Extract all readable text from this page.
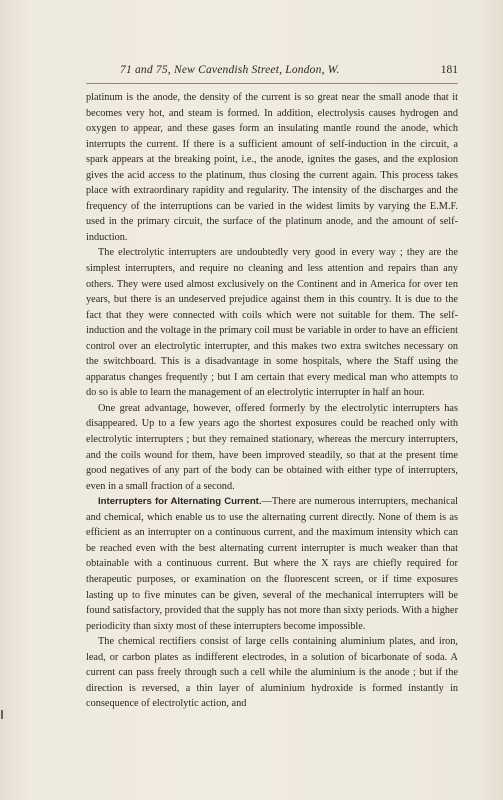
71 and 75, New Cavendish Street, London, W.	181

platinum is the anode, the density of the current is so great near the small anode that it becomes very hot, and steam is formed. In addition, electrolysis causes hydrogen and oxygen to appear, and these gases form an insulating mantle round the anode, which interrupts the current. If there is a sufficient amount of self-induction in the circuit, a spark appears at the breaking point, i.e., the anode, ignites the gases, and the explosion gives the acid access to the platinum, thus closing the current again. This process takes place with extraordinary rapidity and regularity. The intensity of the discharges and the frequency of the interruptions can be varied in the widest limits by varying the E.M.F. used in the primary circuit, the surface of the platinum anode, and the amount of self-induction.

The electrolytic interrupters are undoubtedly very good in every way ; they are the simplest interrupters, and require no cleaning and less attention and repairs than any others. They were used almost exclusively on the Continent and in America for over ten years, but there is an undeserved prejudice against them in this country. It is due to the fact that they were connected with coils which were not suitable for them. The self-induction and the voltage in the primary coil must be variable in order to have an efficient control over an electrolytic interrupter, and this makes two extra switches necessary on the switchboard. This is a disadvantage in some hospitals, where the Staff using the apparatus changes frequently ; but I am certain that every medical man who attempts to do so is able to learn the management of an electrolytic interrupter in half an hour.

One great advantage, however, offered formerly by the electrolytic interrupters has disappeared. Up to a few years ago the shortest exposures could be reached only with electrolytic interrupters ; but they remained stationary, whereas the mercury interrupters, and the coils wound for them, have been improved steadily, so that at the present time good negatives of any part of the body can be obtained with either type of interrupters, even in a small fraction of a second.

Interrupters for Alternating Current.—There are numerous interrupters, mechanical and chemical, which enable us to use the alternating current directly. None of them is as efficient as an interrupter on a continuous current, and the maximum intensity which can be reached even with the best alternating current interrupter is much weaker than that obtainable with a continuous current. But where the X rays are chiefly required for therapeutic purposes, or examination on the fluorescent screen, or if time exposures lasting up to five minutes can be given, several of the mechanical interrupters will be found satisfactory, provided that the supply has not more than sixty periods. With a higher periodicity than sixty most of these interrupters become impossible.

The chemical rectifiers consist of large cells containing aluminium plates, and iron, lead, or carbon plates as indifferent electrodes, in a solution of bicarbonate of soda. A current can pass freely through such a cell while the aluminium is the anode ; but if the direction is reversed, a thin layer of aluminium hydroxide is formed instantly in consequence of electrolytic action, and
